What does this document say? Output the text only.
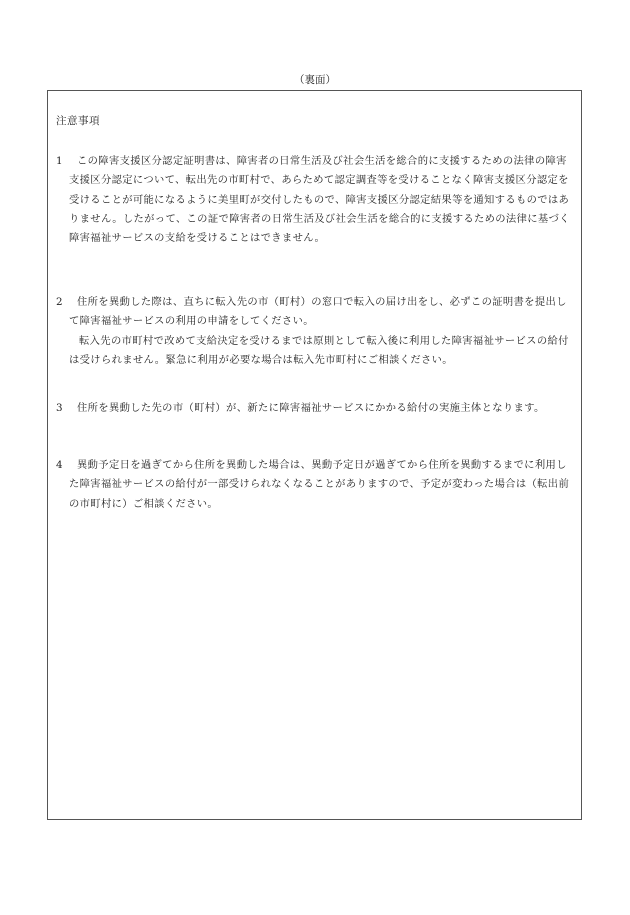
（裏面）
注意事項

1 この障害支援区分認定証明書は、障害者の日常生活及び社会生活を総合的に支援するための法律の障害支援区分認定について、転出先の市町村で、あらためて認定調査等を受けることなく障害支援区分認定を受けることが可能になるように美里町が交付したもので、障害支援区分認定結果等を通知するものではありません。したがって、この証で障害者の日常生活及び社会生活を総合的に支援するための法律に基づく障害福祉サービスの支給を受けることはできません。

2 住所を異動した際は、直ちに転入先の市（町村）の窓口で転入の届け出をし、必ずこの証明書を提出して障害福祉サービスの利用の申請をしてください。

転入先の市町村で改めて支給決定を受けるまでは原則として転入後に利用した障害福祉サービスの給付は受けられません。緊急に利用が必要な場合は転入先市町村にご相談ください。

3 住所を異動した先の市（町村）が、新たに障害福祉サービスにかかる給付の実施主体となります。

4 異動予定日を過ぎてから住所を異動した場合は、異動予定日が過ぎてから住所を異動するまでに利用した障害福祉サービスの給付が一部受けられなくなることがありますので、予定が変わった場合は（転出前の市町村に）ご相談ください。
